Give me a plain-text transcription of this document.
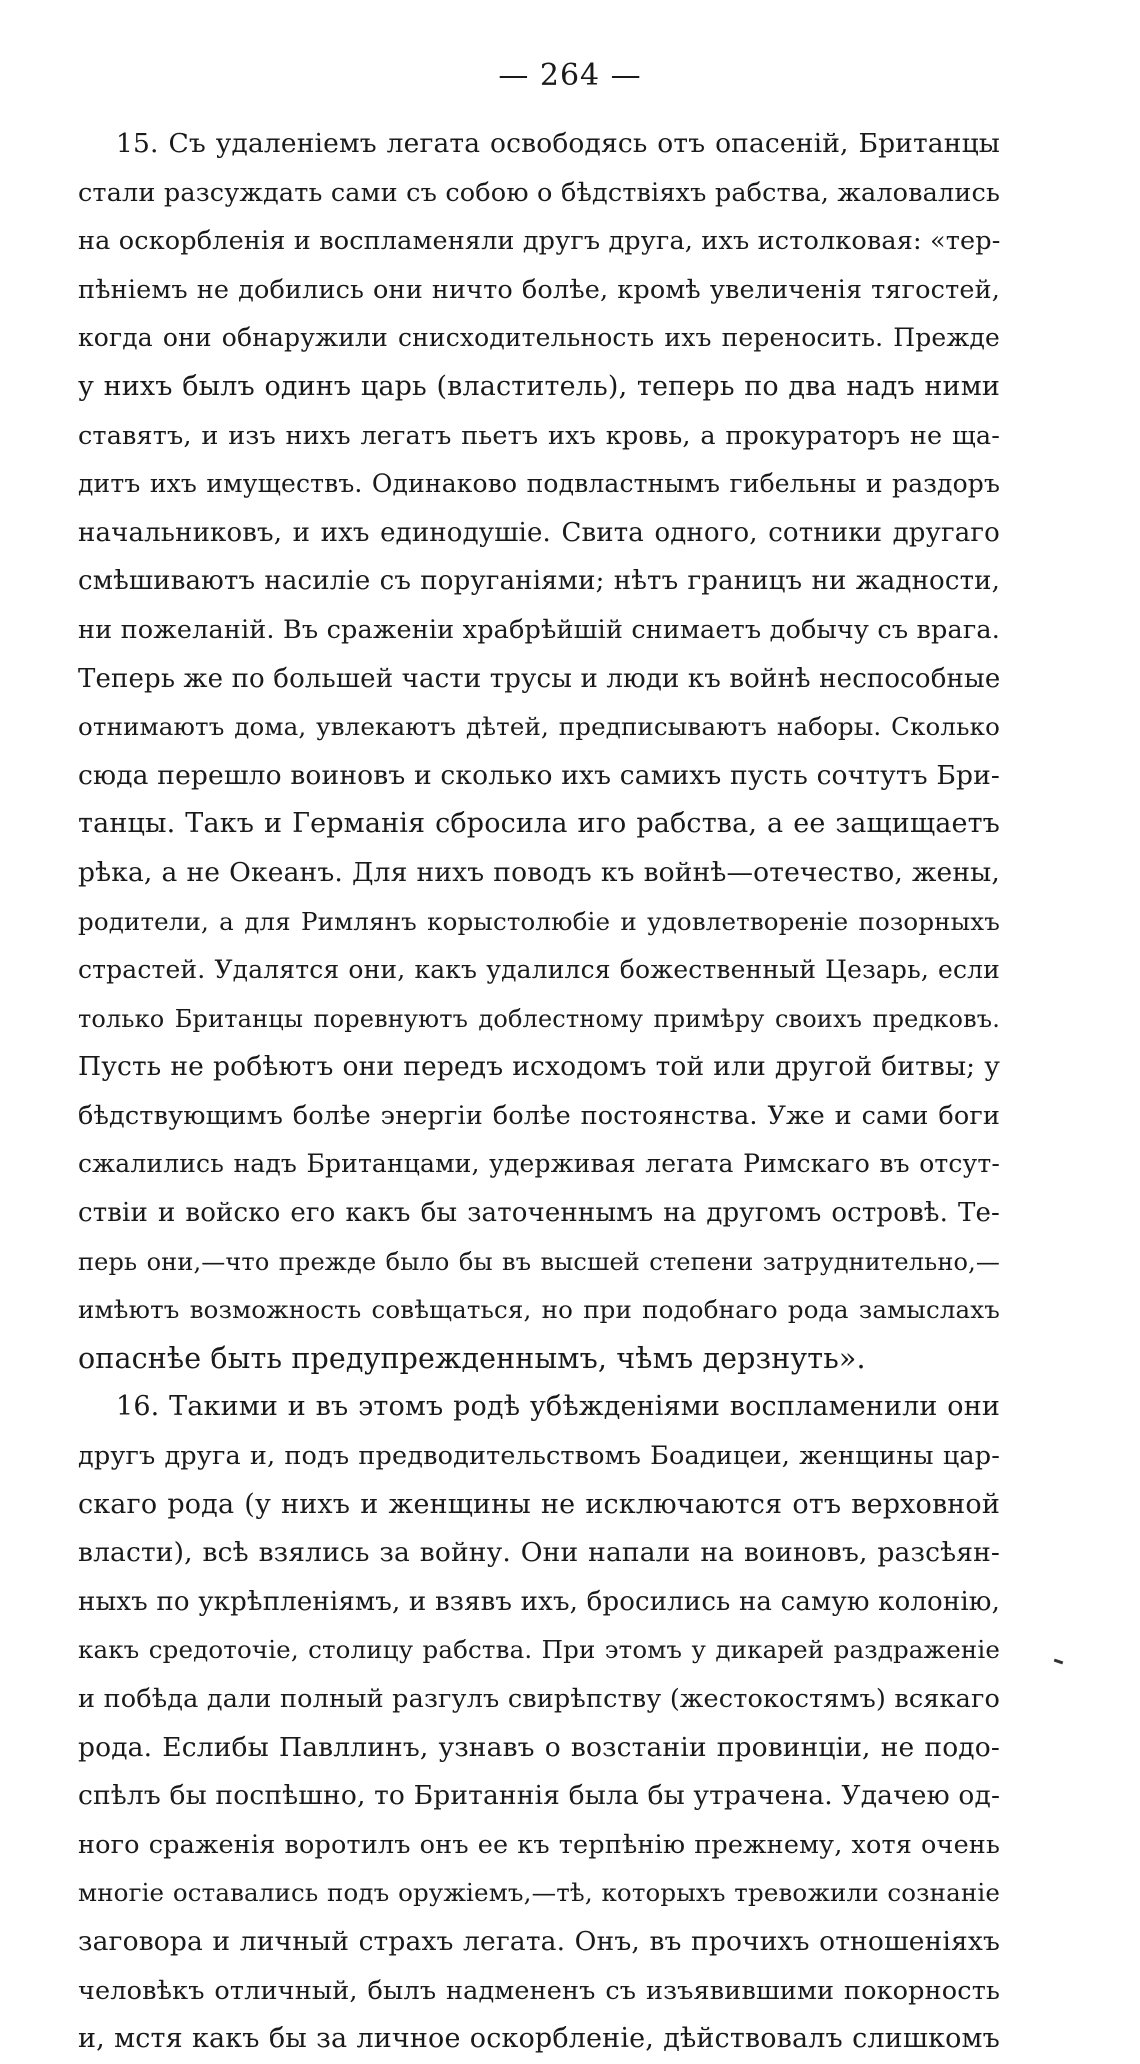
— 264 —
15. Съ удаленіемъ легата освободясь отъ опасеній, Британцы
стали разсуждать сами съ собою о бѣдствіяхъ рабства, жаловались
на оскорбленія и воспламеняли другъ друга, ихъ истолковая: «тер-
пѣніемъ не добились они ничто болѣе, кромѣ увеличенія тягостей,
когда они обнаружили снисходительность ихъ переносить. Прежде
у нихъ былъ одинъ царь (властитель), теперь по два надъ ними
ставятъ, и изъ нихъ легатъ пьетъ ихъ кровь, а прокураторъ не ща-
дитъ ихъ имуществъ. Одинаково подвластнымъ гибельны и раздоръ
начальниковъ, и ихъ единодушіе. Свита одного, сотники другаго
смѣшиваютъ насиліе съ поруганіями; нѣтъ границъ ни жадности,
ни пожеланій. Въ сраженіи храбрѣйшій снимаетъ добычу съ врага.
Теперь же по большей части трусы и люди къ войнѣ неспособные
отнимаютъ дома, увлекаютъ дѣтей, предписываютъ наборы. Сколько
сюда перешло воиновъ и сколько ихъ самихъ пусть сочтутъ Бри-
танцы. Такъ и Германія сбросила иго рабства, а ее защищаетъ
рѣка, а не Океанъ. Для нихъ поводъ къ войнѣ—отечество, жены,
родители, а для Римлянъ корыстолюбіе и удовлетвореніе позорныхъ
страстей. Удалятся они, какъ удалился божественный Цезарь, если
только Британцы поревнуютъ доблестному примѣру своихъ предковъ.
Пусть не робѣютъ они передъ исходомъ той или другой битвы; у
бѣдствующимъ болѣе энергіи болѣе постоянства. Уже и сами боги
сжалились надъ Британцами, удерживая легата Римскаго въ отсут-
ствіи и войско его какъ бы заточеннымъ на другомъ островѣ. Те-
перь они,—что прежде было бы въ высшей степени затруднительно,—
имѣютъ возможность совѣщаться, но при подобнаго рода замыслахъ
опаснѣе быть предупрежденнымъ, чѣмъ дерзнуть».
16. Такими и въ этомъ родѣ убѣжденіями воспламенили они
другъ друга и, подъ предводительствомъ Боадицеи, женщины цар-
скаго рода (у нихъ и женщины не исключаются отъ верховной
власти), всѣ взялись за войну. Они напали на воиновъ, разсѣян-
ныхъ по укрѣпленіямъ, и взявъ ихъ, бросились на самую колонію,
какъ средоточіе, столицу рабства. При этомъ у дикарей раздраженіе
и побѣда дали полный разгулъ свирѣпству (жестокостямъ) всякаго
рода. Еслибы Павллинъ, узнавъ о возстаніи провинціи, не подо-
спѣлъ бы поспѣшно, то Британнія была бы утрачена. Удачею од-
ного сраженія воротилъ онъ ее къ терпѣнію прежнему, хотя очень
многіе оставались подъ оружіемъ,—тѣ, которыхъ тревожили сознаніе
заговора и личный страхъ легата. Онъ, въ прочихъ отношеніяхъ
человѣкъ отличный, былъ надмененъ съ изъявившими покорность
и, мстя какъ бы за личное оскорбленіе, дѣйствовалъ слишкомъ
